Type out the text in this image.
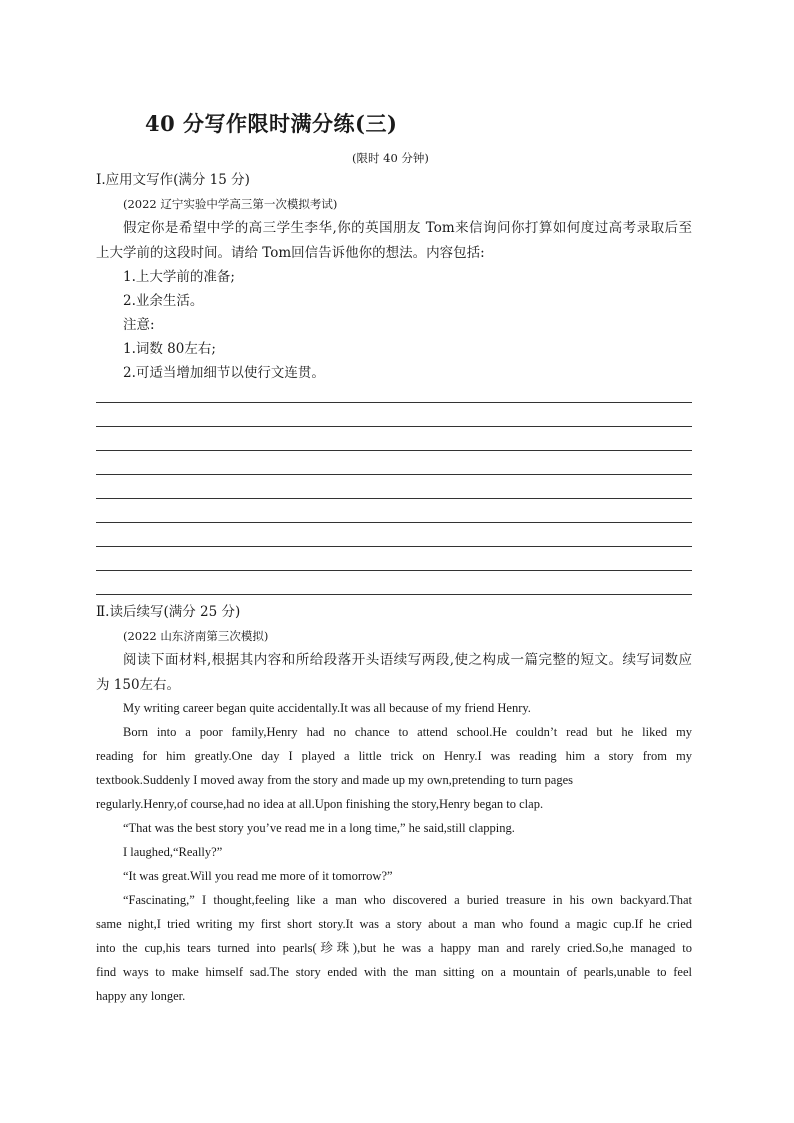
40 分写作限时满分练(三)
(限时 40 分钟)
Ⅰ.应用文写作(满分 15 分)
(2022 辽宁实验中学高三第一次模拟考试)
假定你是希望中学的高三学生李华,你的英国朋友 Tom来信询问你打算如何度过高考录取后至
上大学前的这段时间。请给 Tom回信告诉他你的想法。内容包括:
1.上大学前的准备;
2.业余生活。
注意:
1.词数 80左右;
2.可适当增加细节以使行文连贯。
Ⅱ.读后续写(满分 25 分)
(2022 山东济南第三次模拟)
阅读下面材料,根据其内容和所给段落开头语续写两段,使之构成一篇完整的短文。续写词数应
为 150左右。
My writing career began quite accidentally.It was all because of my friend Henry.
Born into a poor family,Henry had no chance to attend school.He couldn’t read but he liked my
reading for him greatly.One day I played a little trick on Henry.I was reading him a story from my
textbook.Suddenly I moved away from the story and made up my own,pretending to turn pages
regularly.Henry,of course,had no idea at all.Upon finishing the story,Henry began to clap.
“That was the best story you’ve read me in a long time,” he said,still clapping.
I laughed,“Really?”
“It was great.Will you read me more of it tomorrow?”
“Fascinating,” I thought,feeling like a man who discovered a buried treasure in his own backyard.That
same night,I tried writing my first short story.It was a story about a man who found a magic cup.If he cried
into the cup,his tears turned into pearls(珍珠),but he was a happy man and rarely cried.So,he managed to
find ways to make himself sad.The story ended with the man sitting on a mountain of pearls,unable to feel
happy any longer.
